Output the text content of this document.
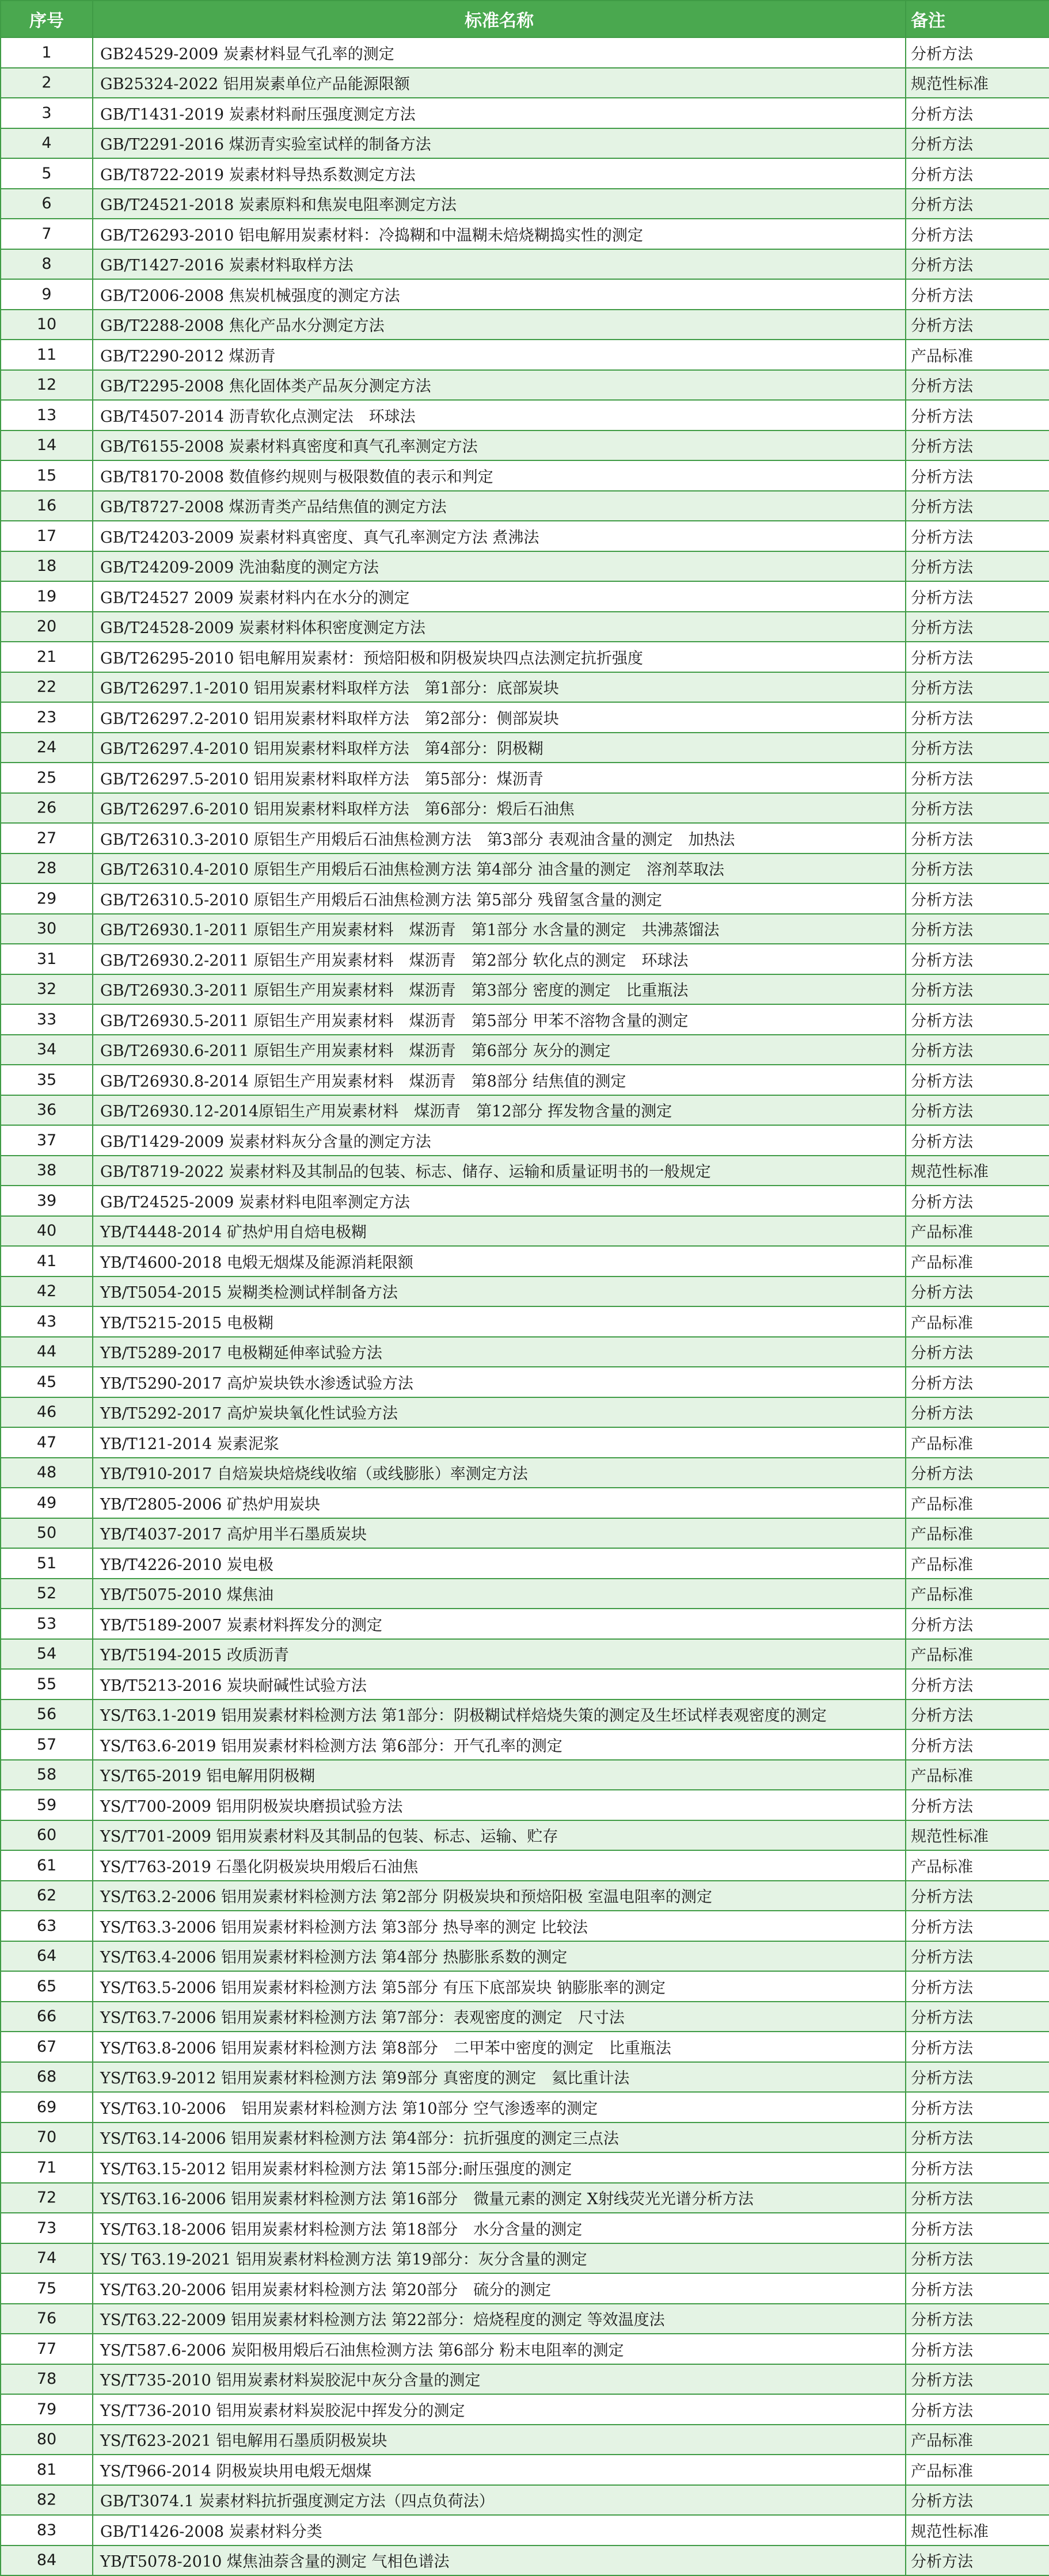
序号	标准名称	备注
1	GB24529-2009 炭素材料显气孔率的测定	分析方法
2	GB25324-2022 铝用炭素单位产品能源限额	规范性标准
3	GB/T1431-2019 炭素材料耐压强度测定方法	分析方法
4	GB/T2291-2016 煤沥青实验室试样的制备方法	分析方法
5	GB/T8722-2019 炭素材料导热系数测定方法	分析方法
6	GB/T24521-2018 炭素原料和焦炭电阻率测定方法	分析方法
7	GB/T26293-2010 铝电解用炭素材料：冷捣糊和中温糊未焙烧糊捣实性的测定	分析方法
8	GB/T1427-2016 炭素材料取样方法	分析方法
9	GB/T2006-2008 焦炭机械强度的测定方法	分析方法
10	GB/T2288-2008 焦化产品水分测定方法	分析方法
11	GB/T2290-2012 煤沥青	产品标准
12	GB/T2295-2008 焦化固体类产品灰分测定方法	分析方法
13	GB/T4507-2014 沥青软化点测定法　环球法	分析方法
14	GB/T6155-2008 炭素材料真密度和真气孔率测定方法	分析方法
15	GB/T8170-2008 数值修约规则与极限数值的表示和判定	分析方法
16	GB/T8727-2008 煤沥青类产品结焦值的测定方法	分析方法
17	GB/T24203-2009 炭素材料真密度、真气孔率测定方法 煮沸法	分析方法
18	GB/T24209-2009 洗油黏度的测定方法	分析方法
19	GB/T24527 2009 炭素材料内在水分的测定	分析方法
20	GB/T24528-2009 炭素材料体积密度测定方法	分析方法
21	GB/T26295-2010 铝电解用炭素材：预焙阳极和阴极炭块四点法测定抗折强度	分析方法
22	GB/T26297.1-2010 铝用炭素材料取样方法　第1部分：底部炭块	分析方法
23	GB/T26297.2-2010 铝用炭素材料取样方法　第2部分：侧部炭块	分析方法
24	GB/T26297.4-2010 铝用炭素材料取样方法　第4部分：阴极糊	分析方法
25	GB/T26297.5-2010 铝用炭素材料取样方法　第5部分：煤沥青	分析方法
26	GB/T26297.6-2010 铝用炭素材料取样方法　第6部分：煅后石油焦	分析方法
27	GB/T26310.3-2010 原铝生产用煅后石油焦检测方法　第3部分 表观油含量的测定　加热法	分析方法
28	GB/T26310.4-2010 原铝生产用煅后石油焦检测方法 第4部分 油含量的测定　溶剂萃取法	分析方法
29	GB/T26310.5-2010 原铝生产用煅后石油焦检测方法 第5部分 残留氢含量的测定	分析方法
30	GB/T26930.1-2011 原铝生产用炭素材料　煤沥青　第1部分 水含量的测定　共沸蒸馏法	分析方法
31	GB/T26930.2-2011 原铝生产用炭素材料　煤沥青　第2部分 软化点的测定　环球法	分析方法
32	GB/T26930.3-2011 原铝生产用炭素材料　煤沥青　第3部分 密度的测定　比重瓶法	分析方法
33	GB/T26930.5-2011 原铝生产用炭素材料　煤沥青　第5部分 甲苯不溶物含量的测定	分析方法
34	GB/T26930.6-2011 原铝生产用炭素材料　煤沥青　第6部分 灰分的测定	分析方法
35	GB/T26930.8-2014 原铝生产用炭素材料　煤沥青　第8部分 结焦值的测定	分析方法
36	GB/T26930.12-2014原铝生产用炭素材料　煤沥青　第12部分 挥发物含量的测定	分析方法
37	GB/T1429-2009 炭素材料灰分含量的测定方法	分析方法
38	GB/T8719-2022 炭素材料及其制品的包装、标志、储存、运输和质量证明书的一般规定	规范性标准
39	GB/T24525-2009 炭素材料电阻率测定方法	分析方法
40	YB/T4448-2014 矿热炉用自焙电极糊	产品标准
41	YB/T4600-2018 电煅无烟煤及能源消耗限额	产品标准
42	YB/T5054-2015 炭糊类检测试样制备方法	分析方法
43	YB/T5215-2015 电极糊	产品标准
44	YB/T5289-2017 电极糊延伸率试验方法	分析方法
45	YB/T5290-2017 高炉炭块铁水渗透试验方法	分析方法
46	YB/T5292-2017 高炉炭块氧化性试验方法	分析方法
47	YB/T121-2014 炭素泥浆	产品标准
48	YB/T910-2017 自焙炭块焙烧线收缩（或线膨胀）率测定方法	分析方法
49	YB/T2805-2006 矿热炉用炭块	产品标准
50	YB/T4037-2017 高炉用半石墨质炭块	产品标准
51	YB/T4226-2010 炭电极	产品标准
52	YB/T5075-2010 煤焦油	产品标准
53	YB/T5189-2007 炭素材料挥发分的测定	分析方法
54	YB/T5194-2015 改质沥青	产品标准
55	YB/T5213-2016 炭块耐碱性试验方法	分析方法
56	YS/T63.1-2019 铝用炭素材料检测方法 第1部分：阴极糊试样焙烧失策的测定及生坯试样表观密度的测定	分析方法
57	YS/T63.6-2019 铝用炭素材料检测方法 第6部分：开气孔率的测定	分析方法
58	YS/T65-2019 铝电解用阴极糊	产品标准
59	YS/T700-2009 铝用阴极炭块磨损试验方法	分析方法
60	YS/T701-2009 铝用炭素材料及其制品的包装、标志、运输、贮存	规范性标准
61	YS/T763-2019 石墨化阴极炭块用煅后石油焦	产品标准
62	YS/T63.2-2006 铝用炭素材料检测方法 第2部分 阴极炭块和预焙阳极 室温电阻率的测定	分析方法
63	YS/T63.3-2006 铝用炭素材料检测方法 第3部分 热导率的测定 比较法	分析方法
64	YS/T63.4-2006 铝用炭素材料检测方法 第4部分 热膨胀系数的测定	分析方法
65	YS/T63.5-2006 铝用炭素材料检测方法 第5部分 有压下底部炭块 钠膨胀率的测定	分析方法
66	YS/T63.7-2006 铝用炭素材料检测方法 第7部分：表观密度的测定　尺寸法	分析方法
67	YS/T63.8-2006 铝用炭素材料检测方法 第8部分　二甲苯中密度的测定　比重瓶法	分析方法
68	YS/T63.9-2012 铝用炭素材料检测方法 第9部分 真密度的测定　氦比重计法	分析方法
69	YS/T63.10-2006　铝用炭素材料检测方法 第10部分 空气渗透率的测定	分析方法
70	YS/T63.14-2006 铝用炭素材料检测方法 第4部分：抗折强度的测定三点法	分析方法
71	YS/T63.15-2012 铝用炭素材料检测方法 第15部分:耐压强度的测定	分析方法
72	YS/T63.16-2006 铝用炭素材料检测方法 第16部分　微量元素的测定 X射线荧光光谱分析方法	分析方法
73	YS/T63.18-2006 铝用炭素材料检测方法 第18部分　水分含量的测定	分析方法
74	YS/ T63.19-2021 铝用炭素材料检测方法 第19部分：灰分含量的测定	分析方法
75	YS/T63.20-2006 铝用炭素材料检测方法 第20部分　硫分的测定	分析方法
76	YS/T63.22-2009 铝用炭素材料检测方法 第22部分：焙烧程度的测定 等效温度法	分析方法
77	YS/T587.6-2006 炭阳极用煅后石油焦检测方法 第6部分 粉末电阻率的测定	分析方法
78	YS/T735-2010 铝用炭素材料炭胶泥中灰分含量的测定	分析方法
79	YS/T736-2010 铝用炭素材料炭胶泥中挥发分的测定	分析方法
80	YS/T623-2021 铝电解用石墨质阴极炭块	产品标准
81	YS/T966-2014 阴极炭块用电煅无烟煤	产品标准
82	GB/T3074.1 炭素材料抗折强度测定方法（四点负荷法）	分析方法
83	GB/T1426-2008 炭素材料分类	规范性标准
84	YB/T5078-2010 煤焦油萘含量的测定 气相色谱法	分析方法
